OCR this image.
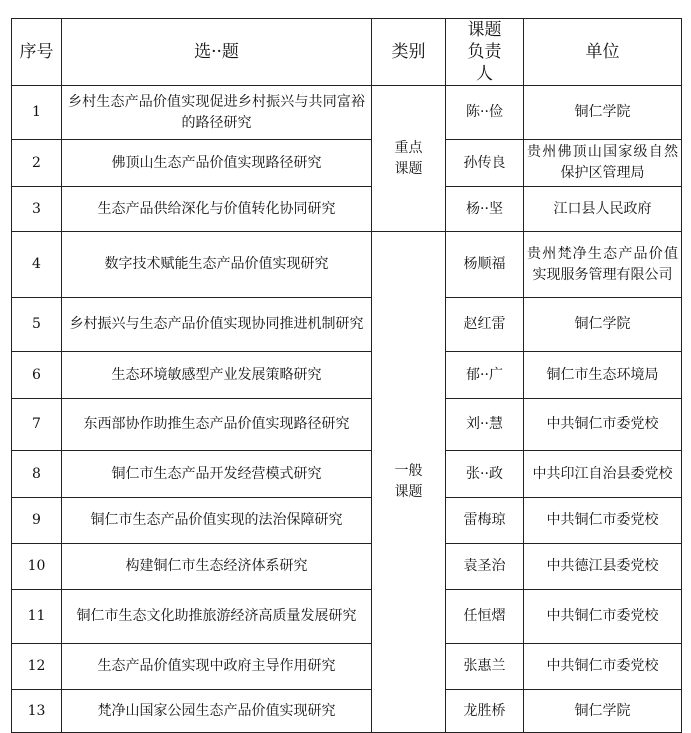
序号	选··题	类别	课题负责人	单位
1	乡村生态产品价值实现促进乡村振兴与共同富裕的路径研究	重点课题	陈··俭	铜仁学院
2	佛顶山生态产品价值实现路径研究		孙传良	贵州佛顶山国家级自然保护区管理局
3	生态产品供给深化与价值转化协同研究		杨··坚	江口县人民政府
4	数字技术赋能生态产品价值实现研究	一般课题	杨顺福	贵州梵净生态产品价值实现服务管理有限公司
5	乡村振兴与生态产品价值实现协同推进机制研究		赵红雷	铜仁学院
6	生态环境敏感型产业发展策略研究		郁··广	铜仁市生态环境局
7	东西部协作助推生态产品价值实现路径研究		刘··慧	中共铜仁市委党校
8	铜仁市生态产品开发经营模式研究		张··政	中共印江自治县委党校
9	铜仁市生态产品价值实现的法治保障研究		雷梅琼	中共铜仁市委党校
10	构建铜仁市生态经济体系研究		袁圣治	中共德江县委党校
11	铜仁市生态文化助推旅游经济高质量发展研究		任恒熠	中共铜仁市委党校
12	生态产品价值实现中政府主导作用研究		张惠兰	中共铜仁市委党校
13	梵净山国家公园生态产品价值实现研究		龙胜桥	铜仁学院
